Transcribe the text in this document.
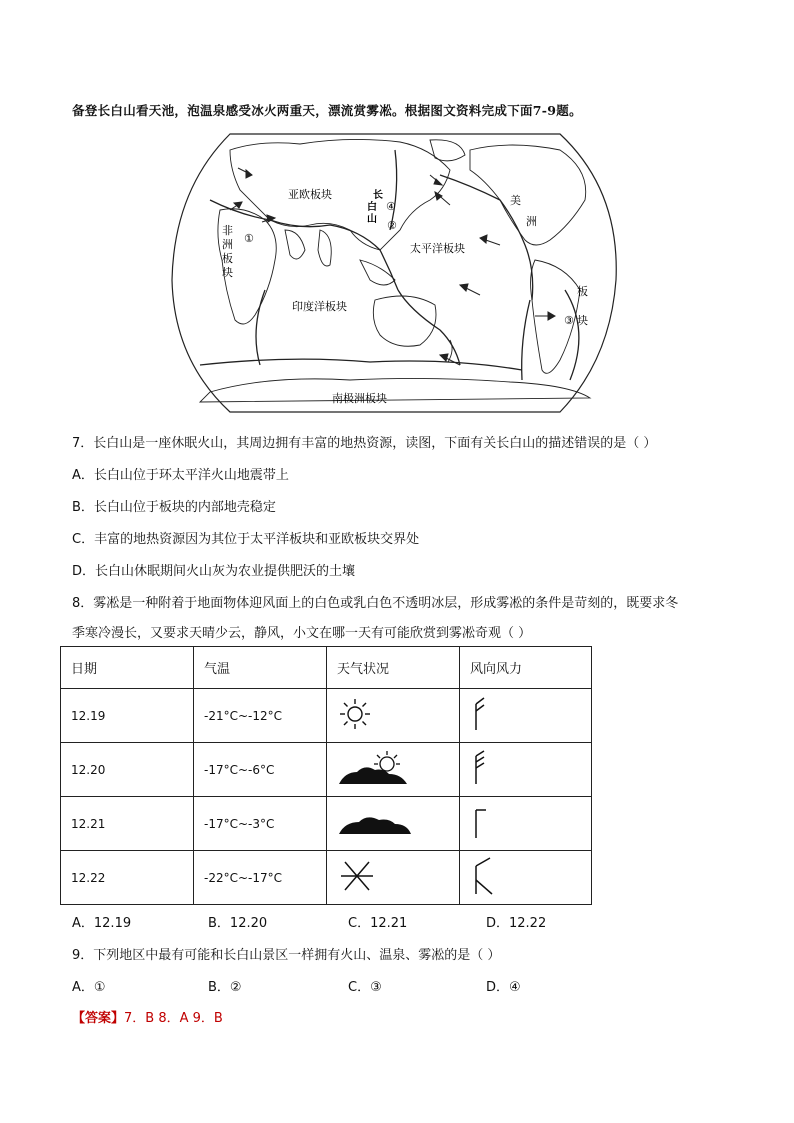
备登长白山看天池，泡温泉感受冰火两重天，漂流赏雾凇。根据图文资料完成下面7-9题。
亚欧板块
非
洲
板
块
太平洋板块
印度洋板块
南极洲板块
美
洲
板
块
长
白
山
①
②
③
④
7．长白山是一座休眠火山，其周边拥有丰富的地热资源，读图，下面有关长白山的描述错误的是（ ）
A．长白山位于环太平洋火山地震带上
B．长白山位于板块的内部地壳稳定
C．丰富的地热资源因为其位于太平洋板块和亚欧板块交界处
D．长白山休眠期间火山灰为农业提供肥沃的土壤
8．雾凇是一种附着于地面物体迎风面上的白色或乳白色不透明冰层，形成雾凇的条件是苛刻的，既要求冬
季寒冷漫长，又要求天晴少云，静风，小文在哪一天有可能欣赏到雾凇奇观（ ）
日期	气温	天气状况	风向风力
12.19	-21°C~-12°C		
12.20	-17°C~-6°C		
12.21	-17°C~-3°C		
12.22	-22°C~-17°C		
A．12.19	B．12.20	C．12.21	D．12.22
9．下列地区中最有可能和长白山景区一样拥有火山、温泉、雾凇的是（ ）
A．①	B．②	C．③	D．④
【答案】7．B 8．A 9．B
